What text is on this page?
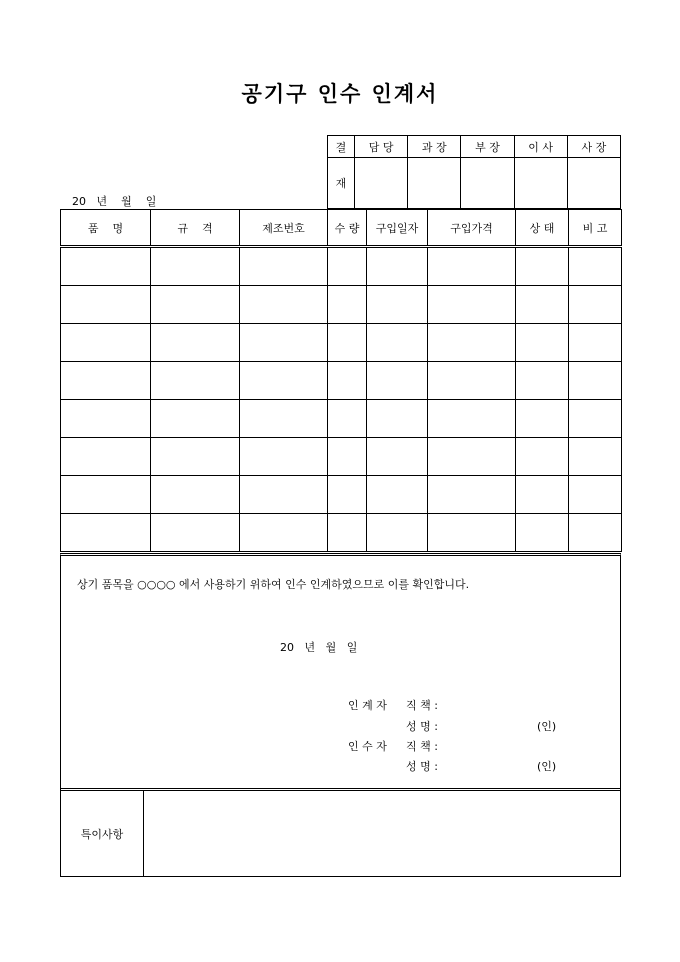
공기구 인수 인계서
20   년    월    일
결	담 당	과 장	부 장	이 사	사 장
재					
품    명	규    격	제조번호	수 량	구입일자	구입가격	상 태	비 고

상기 품목을 ○○○○ 에서 사용하기 위하여 인수 인계하였으므로 이를 확인합니다.
20   년   월   일
인 계 자 직 책 :
성 명 :	(인)
인 수 자 직 책 :
성 명 :	(인)
특이사항
